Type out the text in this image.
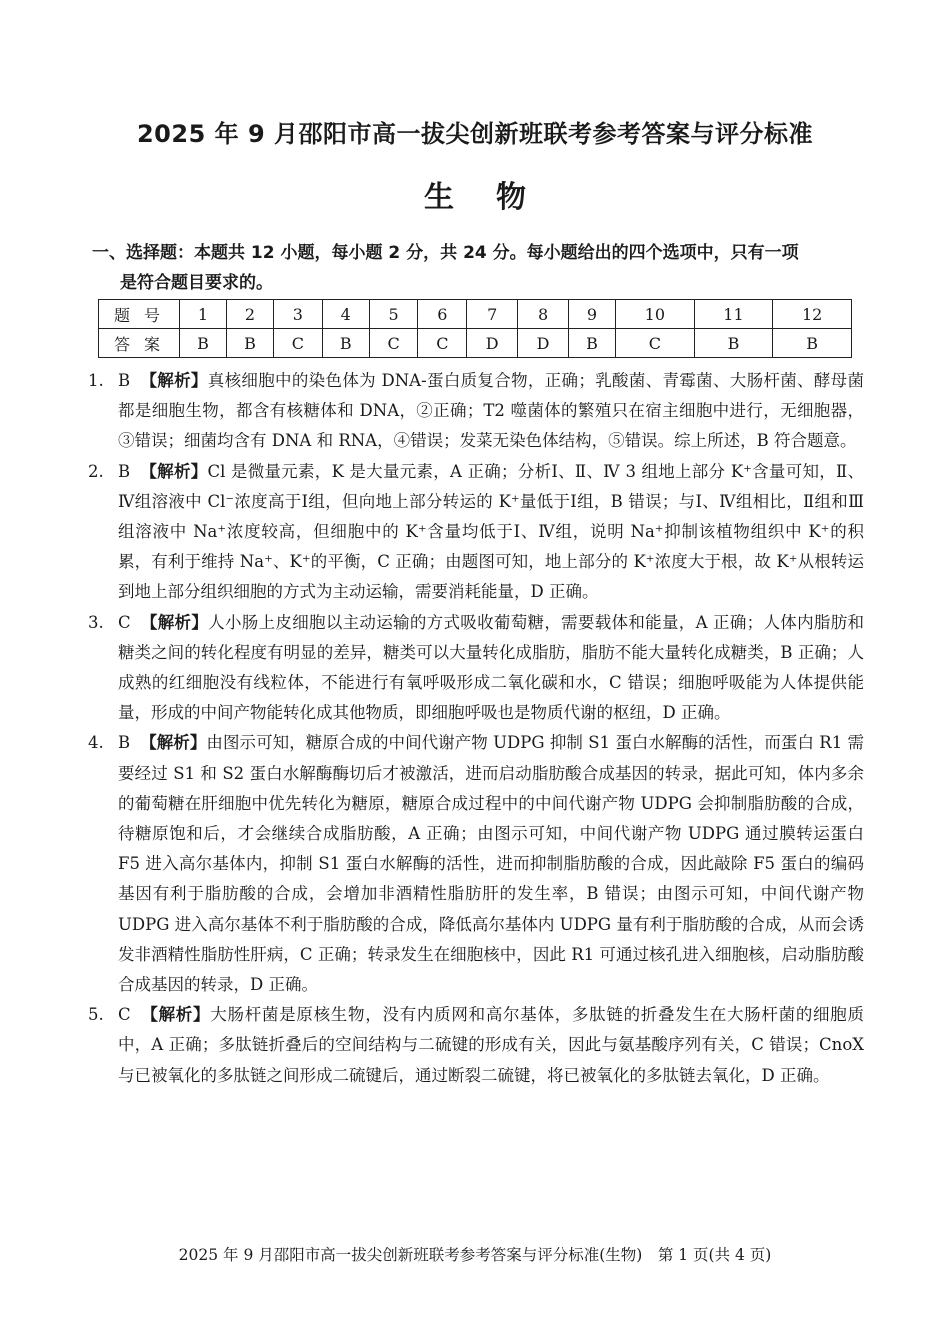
2025 年 9 月邵阳市高一拔尖创新班联考参考答案与评分标准
生物
一、选择题：本题共 12 小题，每小题 2 分，共 24 分。每小题给出的四个选项中，只有一项
是符合题目要求的。
题号	1	2	3	4	5	6	7	8	9	10	11	12
答案	B	B	C	B	C	C	D	D	B	C	B	B
1. B 【解析】真核细胞中的染色体为 DNA-蛋白质复合物，正确；乳酸菌、青霉菌、大肠杆菌、酵母菌都是细胞生物，都含有核糖体和 DNA，②正确；T2 噬菌体的繁殖只在宿主细胞中进行，无细胞器，③错误；细菌均含有 DNA 和 RNA，④错误；发菜无染色体结构，⑤错误。综上所述，B 符合题意。
2. B 【解析】Cl 是微量元素，K 是大量元素，A 正确；分析Ⅰ、Ⅱ、Ⅳ 3 组地上部分 K⁺含量可知，Ⅱ、Ⅳ组溶液中 Cl⁻浓度高于Ⅰ组，但向地上部分转运的 K⁺量低于Ⅰ组，B 错误；与Ⅰ、Ⅳ组相比，Ⅱ组和Ⅲ组溶液中 Na⁺浓度较高，但细胞中的 K⁺含量均低于Ⅰ、Ⅳ组，说明 Na⁺抑制该植物组织中 K⁺的积累，有利于维持 Na⁺、K⁺的平衡，C 正确；由题图可知，地上部分的 K⁺浓度大于根，故 K⁺从根转运到地上部分组织细胞的方式为主动运输，需要消耗能量，D 正确。
3. C 【解析】人小肠上皮细胞以主动运输的方式吸收葡萄糖，需要载体和能量，A 正确；人体内脂肪和糖类之间的转化程度有明显的差异，糖类可以大量转化成脂肪，脂肪不能大量转化成糖类，B 正确；人成熟的红细胞没有线粒体，不能进行有氧呼吸形成二氧化碳和水，C 错误；细胞呼吸能为人体提供能量，形成的中间产物能转化成其他物质，即细胞呼吸也是物质代谢的枢纽，D 正确。
4. B 【解析】由图示可知，糖原合成的中间代谢产物 UDPG 抑制 S1 蛋白水解酶的活性，而蛋白 R1 需要经过 S1 和 S2 蛋白水解酶酶切后才被激活，进而启动脂肪酸合成基因的转录，据此可知，体内多余的葡萄糖在肝细胞中优先转化为糖原，糖原合成过程中的中间代谢产物 UDPG 会抑制脂肪酸的合成，待糖原饱和后，才会继续合成脂肪酸，A 正确；由图示可知，中间代谢产物 UDPG 通过膜转运蛋白 F5 进入高尔基体内，抑制 S1 蛋白水解酶的活性，进而抑制脂肪酸的合成，因此敲除 F5 蛋白的编码基因有利于脂肪酸的合成，会增加非酒精性脂肪肝的发生率，B 错误；由图示可知，中间代谢产物 UDPG 进入高尔基体不利于脂肪酸的合成，降低高尔基体内 UDPG 量有利于脂肪酸的合成，从而会诱发非酒精性脂肪性肝病，C 正确；转录发生在细胞核中，因此 R1 可通过核孔进入细胞核，启动脂肪酸合成基因的转录，D 正确。
5. C 【解析】大肠杆菌是原核生物，没有内质网和高尔基体，多肽链的折叠发生在大肠杆菌的细胞质中，A 正确；多肽链折叠后的空间结构与二硫键的形成有关，因此与氨基酸序列有关，C 错误；CnoX 与已被氧化的多肽链之间形成二硫键后，通过断裂二硫键，将已被氧化的多肽链去氧化，D 正确。
2025 年 9 月邵阳市高一拔尖创新班联考参考答案与评分标准(生物)　第 1 页(共 4 页)
